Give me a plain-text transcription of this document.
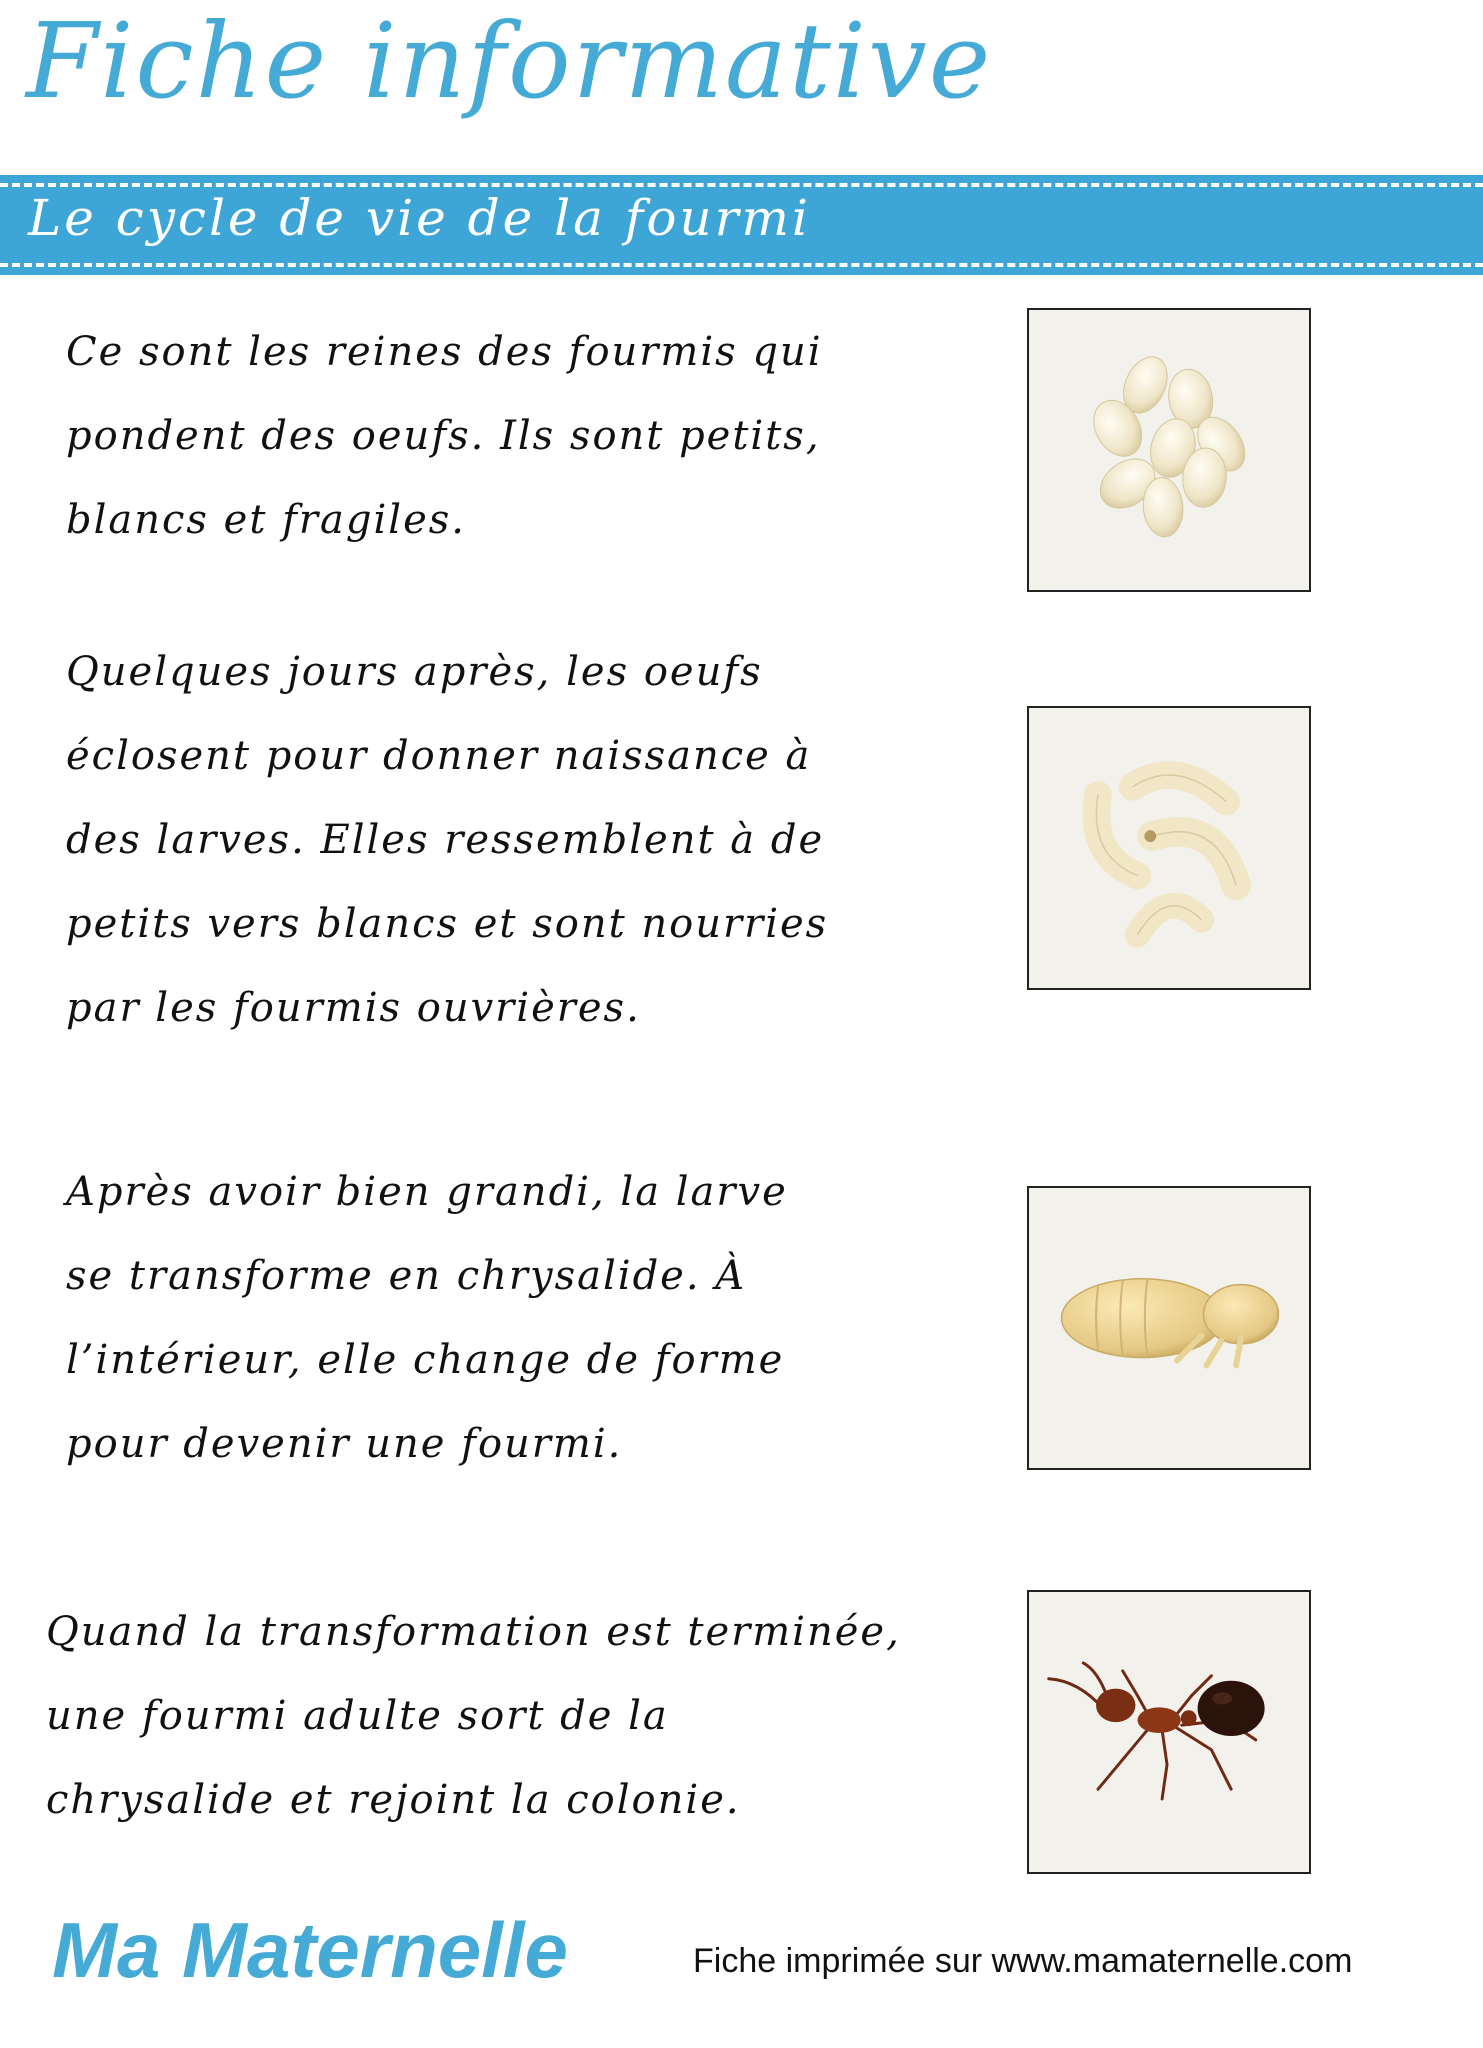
Fiche informative
Le cycle de vie de la fourmi
Ce sont les reines des fourmis qui
pondent des oeufs. Ils sont petits,
blancs et fragiles.
Quelques jours après, les oeufs
éclosent pour donner naissance à
des larves. Elles ressemblent à de
petits vers blancs et sont nourries
par les fourmis ouvrières.
Après avoir bien grandi, la larve
se transforme en chrysalide. À
l’intérieur, elle change de forme
pour devenir une fourmi.
Quand la transformation est terminée,
une fourmi adulte sort de la
chrysalide et rejoint la colonie.
Ma Maternelle	Fiche imprimée sur www.mamaternelle.com
